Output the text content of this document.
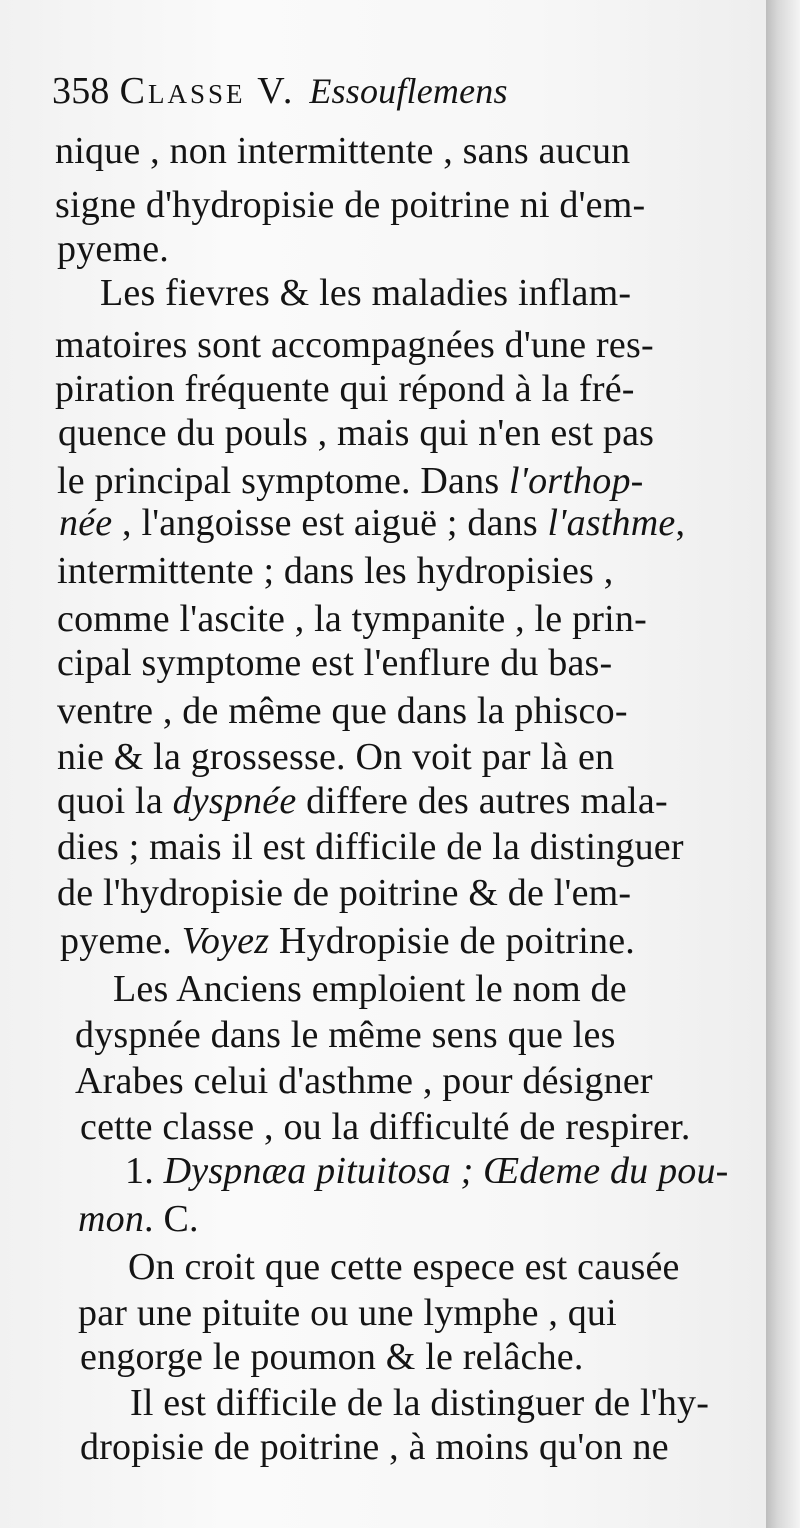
358 Classe V. Essouflemens
nique , non intermittente , sans aucun
signe d'hydropisie de poitrine ni d'em-
pyeme.
Les fievres & les maladies inflam-
matoires sont accompagnées d'une res-
piration fréquente qui répond à la fré-
quence du pouls , mais qui n'en est pas
le principal symptome. Dans l'orthop-
née , l'angoisse est aiguë ; dans l'asthme,
intermittente ; dans les hydropisies ,
comme l'ascite , la tympanite , le prin-
cipal symptome est l'enflure du bas-
ventre , de même que dans la phisco-
nie & la grossesse. On voit par là en
quoi la dyspnée differe des autres mala-
dies ; mais il est difficile de la distinguer
de l'hydropisie de poitrine & de l'em-
pyeme. Voyez Hydropisie de poitrine.
Les Anciens emploient le nom de
dyspnée dans le même sens que les
Arabes celui d'asthme , pour désigner
cette classe , ou la difficulté de respirer.
1. Dyspnæa pituitosa ; Œdeme du pou-
mon. C.
On croit que cette espece est causée
par une pituite ou une lymphe , qui
engorge le poumon & le relâche.
Il est difficile de la distinguer de l'hy-
dropisie de poitrine , à moins qu'on ne
